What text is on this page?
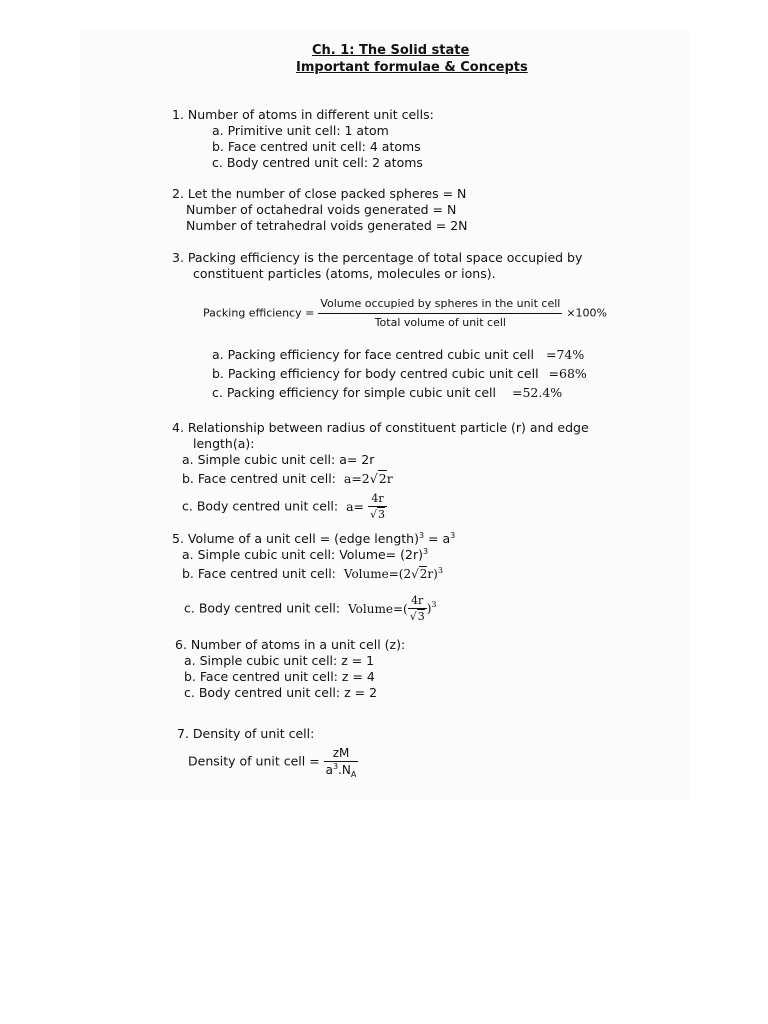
Ch. 1: The Solid state
Important formulae & Concepts
1. Number of atoms in different unit cells:
a. Primitive unit cell: 1 atom
b. Face centred unit cell: 4 atoms
c. Body centred unit cell: 2 atoms
2. Let the number of close packed spheres = N
Number of octahedral voids generated = N
Number of tetrahedral voids generated = 2N
3. Packing efficiency is the percentage of total space occupied by
constituent particles (atoms, molecules or ions).
Packing efficiency = $\frac{\text{Volume occupied by spheres in the unit cell}}{\text{Total volume of unit cell}} \times 100\%$
a. Packing efficiency for face centred cubic unit cell =74%
b. Packing efficiency for body centred cubic unit cell =68%
c. Packing efficiency for simple cubic unit cell =52.4%
4. Relationship between radius of constituent particle (r) and edge
length(a):
a. Simple cubic unit cell: a= 2r
b. Face centred unit cell: a=2√2r
c. Body centred unit cell: $a= \frac{4r}{√3}$
5. Volume of a unit cell = (edge length)$^3$ = $a^3$
a. Simple cubic unit cell: Volume= $(2r)^3$
b. Face centred unit cell: $Volume=(2√2r)^3$
c. Body centred unit cell: Volume=( $\frac{4r}{√3} )^3$
6. Number of atoms in a unit cell (z):
a. Simple cubic unit cell: z = 1
b. Face centred unit cell: z = 4
c. Body centred unit cell: z = 2
7. Density of unit cell:
Density of unit cell = $\frac{zM}{a^3.N_A}$
